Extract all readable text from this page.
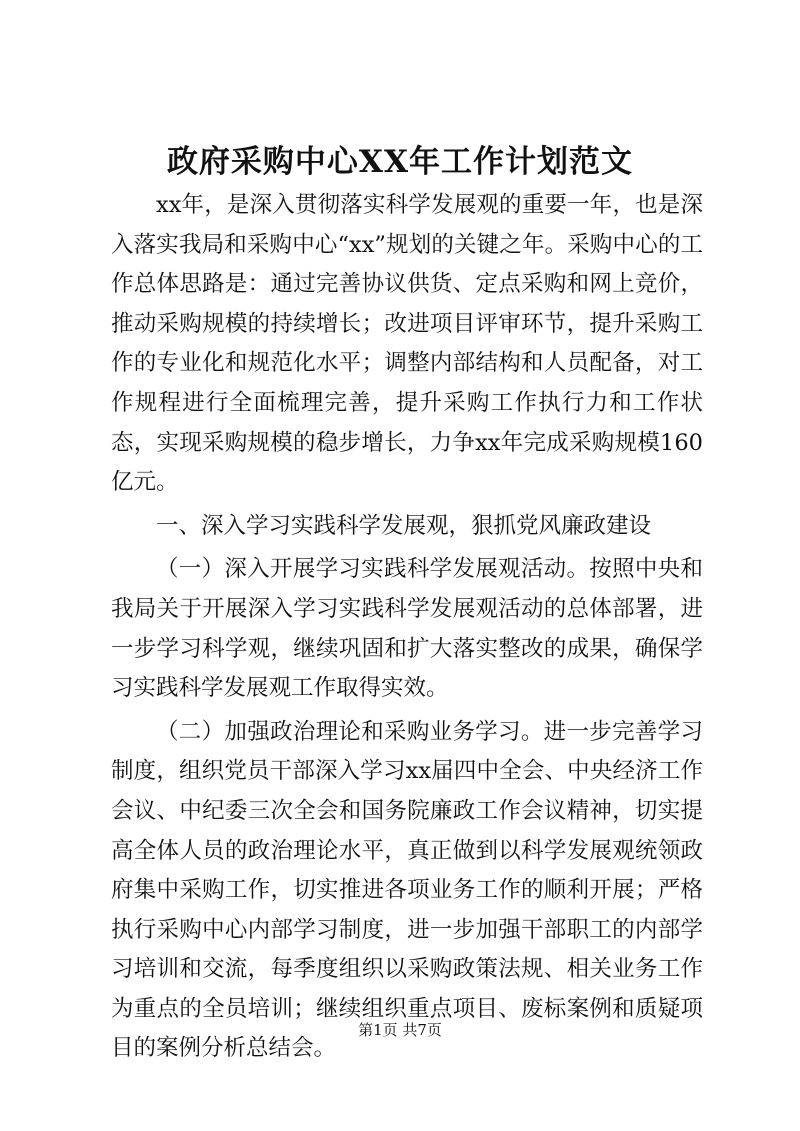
政府采购中心XX年工作计划范文

xx年，是深入贯彻落实科学发展观的重要一年，也是深入落实我局和采购中心“xx”规划的关键之年。采购中心的工作总体思路是：通过完善协议供货、定点采购和网上竞价，推动采购规模的持续增长；改进项目评审环节，提升采购工作的专业化和规范化水平；调整内部结构和人员配备，对工作规程进行全面梳理完善，提升采购工作执行力和工作状态，实现采购规模的稳步增长，力争xx年完成采购规模160亿元。

一、深入学习实践科学发展观，狠抓党风廉政建设

（一）深入开展学习实践科学发展观活动。按照中央和我局关于开展深入学习实践科学发展观活动的总体部署，进一步学习科学观，继续巩固和扩大落实整改的成果，确保学习实践科学发展观工作取得实效。

（二）加强政治理论和采购业务学习。进一步完善学习制度，组织党员干部深入学习xx届四中全会、中央经济工作会议、中纪委三次全会和国务院廉政工作会议精神，切实提高全体人员的政治理论水平，真正做到以科学发展观统领政府集中采购工作，切实推进各项业务工作的顺利开展；严格执行采购中心内部学习制度，进一步加强干部职工的内部学习培训和交流，每季度组织以采购政策法规、相关业务工作为重点的全员培训；继续组织重点项目、废标案例和质疑项目的案例分析总结会。

第1页 共7页
